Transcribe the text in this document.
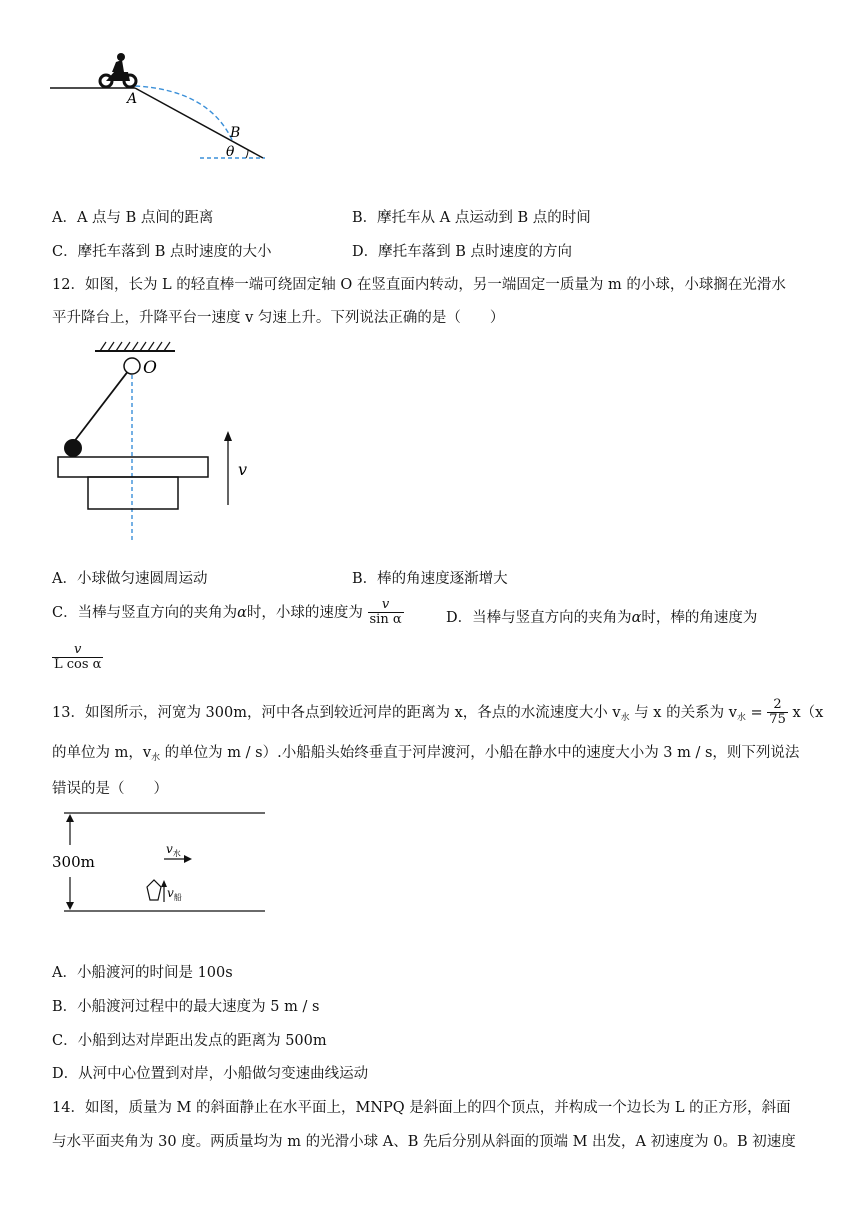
A
B
θ
A．A 点与 B 点间的距离	B．摩托车从 A 点运动到 B 点的时间
C．摩托车落到 B 点时速度的大小	D．摩托车落到 B 点时速度的方向
12．如图，长为 L 的轻直棒一端可绕固定轴 O 在竖直面内转动，另一端固定一质量为 m 的小球，小球搁在光滑水
平升降台上，升降平台一速度 v 匀速上升。下列说法正确的是（　　）
O
v
A．小球做匀速圆周运动	B．棒的角速度逐渐增大
C．当棒与竖直方向的夹角为α时，小球的速度为 $\frac{v}{\text{sin α}}$	D．当棒与竖直方向的夹角为α时，棒的角速度为
$\frac{v}{\text{L cos α}}$
13．如图所示，河宽为 300m，河中各点到较近河岸的距离为 x，各点的水流速度大小 $v_水$ 与 x 的关系为 $v_水 = \frac{2}{75} x(x$
的单位为 m，$v_水$ 的单位为 m / s）.小船船头始终垂直于河岸渡河，小船在静水中的速度大小为 3 m / s，则下列说法
错误的是（　　）
300m
$v_水$
$v_船$
A．小船渡河的时间是 100s
B．小船渡河过程中的最大速度为 5 m / s
C．小船到达对岸距出发点的距离为 500m
D．从河中心位置到对岸，小船做匀变速曲线运动
14．如图，质量为 M 的斜面静止在水平面上，MNPQ 是斜面上的四个顶点，并构成一个边长为 L 的正方形，斜面
与水平面夹角为 30 度。两质量均为 m 的光滑小球 A、B 先后分别从斜面的顶端 M 出发，A 初速度为 0。B 初速度
